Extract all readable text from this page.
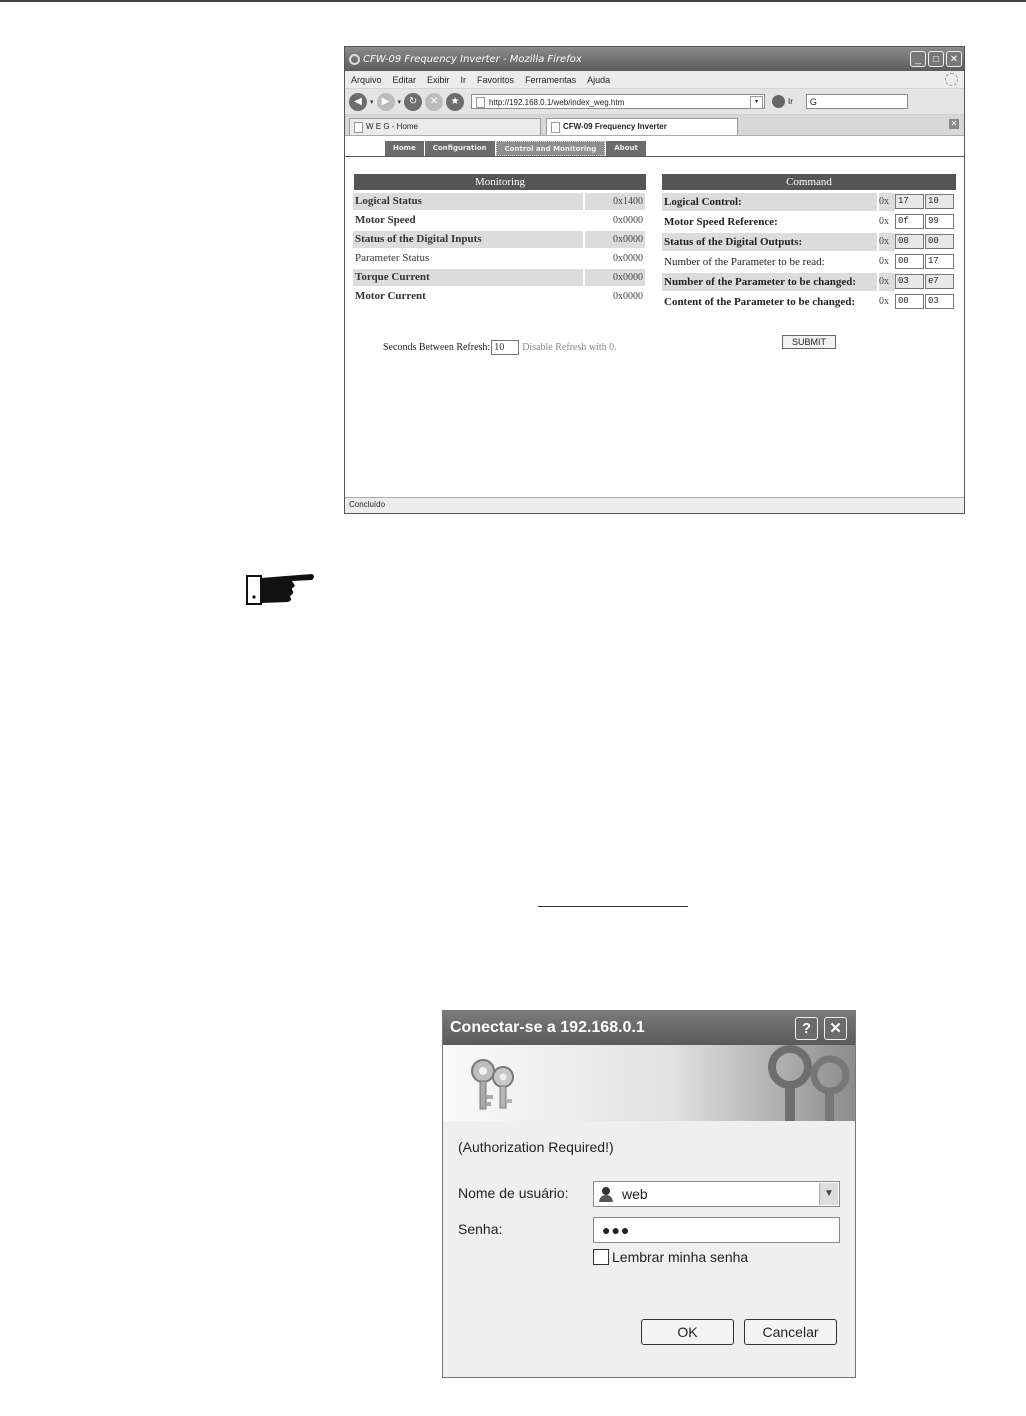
CFW-09 Frequency Inverter - Mozilla Firefox	_	□	✕
Arquivo Editar Exibir Ir Favoritos Ferramentas Ajuda
◀	▾ ▶	▾ ↻	✕	★	http://192.168.0.1/web/index_weg.htm	▾	Ir	G
W E G - Home	CFW-09 Frequency Inverter	✕
Home	Configuration	Control and Monitoring	About
Monitoring
Logical Status	0x1400
Motor Speed	0x0000
Status of the Digital Inputs	0x0000
Parameter Status	0x0000
Torque Current	0x0000
Motor Current	0x0000
Command
Logical Control:	0x	17	10
Motor Speed Reference:	0x	0f	99
Status of the Digital Outputs:	0x	00	00
Number of the Parameter to be read:	0x	00	17
Number of the Parameter to be changed:	0x	03	e7
Content of the Parameter to be changed:	0x	00	03
Seconds Between Refresh: 10	Disable Refresh with 0.	SUBMIT
Concluído
Conectar-se a 192.168.0.1	?	✕
(Authorization Required!)
Nome de usuário:	web	▼
Senha:	●●●
Lembrar minha senha
OK	Cancelar
